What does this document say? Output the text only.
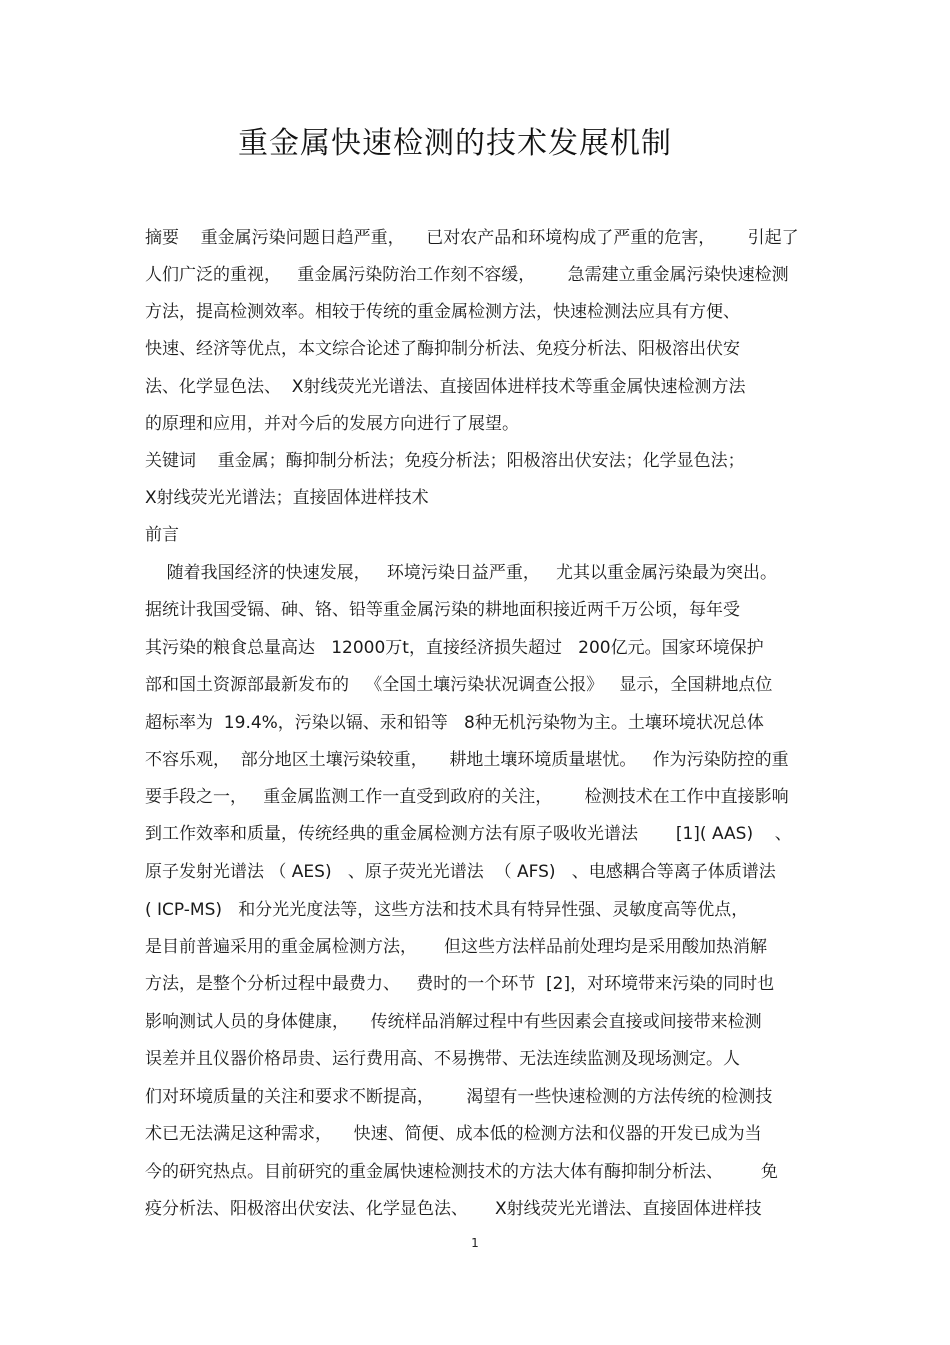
重金属快速检测的技术发展机制
摘要    重金属污染问题日趋严重，    已对农产品和环境构成了严重的危害，      引起了
人们广泛的重视，   重金属污染防治工作刻不容缓，      急需建立重金属污染快速检测
方法，提高检测效率。相较于传统的重金属检测方法，快速检测法应具有方便、
快速、经济等优点，本文综合论述了酶抑制分析法、免疫分析法、阳极溶出伏安
法、化学显色法、  X射线荧光光谱法、直接固体进样技术等重金属快速检测方法
的原理和应用，并对今后的发展方向进行了展望。
关键词    重金属；酶抑制分析法；免疫分析法；阳极溶出伏安法；化学显色法；
X射线荧光光谱法；直接固体进样技术
前言
随着我国经济的快速发展，   环境污染日益严重，   尤其以重金属污染最为突出。
据统计我国受镉、砷、铬、铅等重金属污染的耕地面积接近两千万公顷，每年受
其污染的粮食总量高达   12000万t，直接经济损失超过   200亿元。国家环境保护
部和国土资源部最新发布的   《全国土壤污染状况调查公报》   显示，全国耕地点位
超标率为  19.4%，污染以镉、汞和铅等   8种无机污染物为主。土壤环境状况总体
不容乐观，  部分地区土壤污染较重，    耕地土壤环境质量堪忧。   作为污染防控的重
要手段之一，   重金属监测工作一直受到政府的关注，      检测技术在工作中直接影响
到工作效率和质量，传统经典的重金属检测方法有原子吸收光谱法       [1]( AAS)    、
原子发射光谱法 （ AES)   、原子荧光光谱法  （ AFS)   、电感耦合等离子体质谱法
( ICP-MS)   和分光光度法等，这些方法和技术具有特异性强、灵敏度高等优点，
是目前普遍采用的重金属检测方法，     但这些方法样品前处理均是采用酸加热消解
方法，是整个分析过程中最费力、   费时的一个环节  [2]，对环境带来污染的同时也
影响测试人员的身体健康，    传统样品消解过程中有些因素会直接或间接带来检测
误差并且仪器价格昂贵、运行费用高、不易携带、无法连续监测及现场测定。人
们对环境质量的关注和要求不断提高，      渴望有一些快速检测的方法传统的检测技
术已无法满足这种需求，    快速、简便、成本低的检测方法和仪器的开发已成为当
今的研究热点。目前研究的重金属快速检测技术的方法大体有酶抑制分析法、       免
疫分析法、阳极溶出伏安法、化学显色法、     X射线荧光光谱法、直接固体进样技
1
